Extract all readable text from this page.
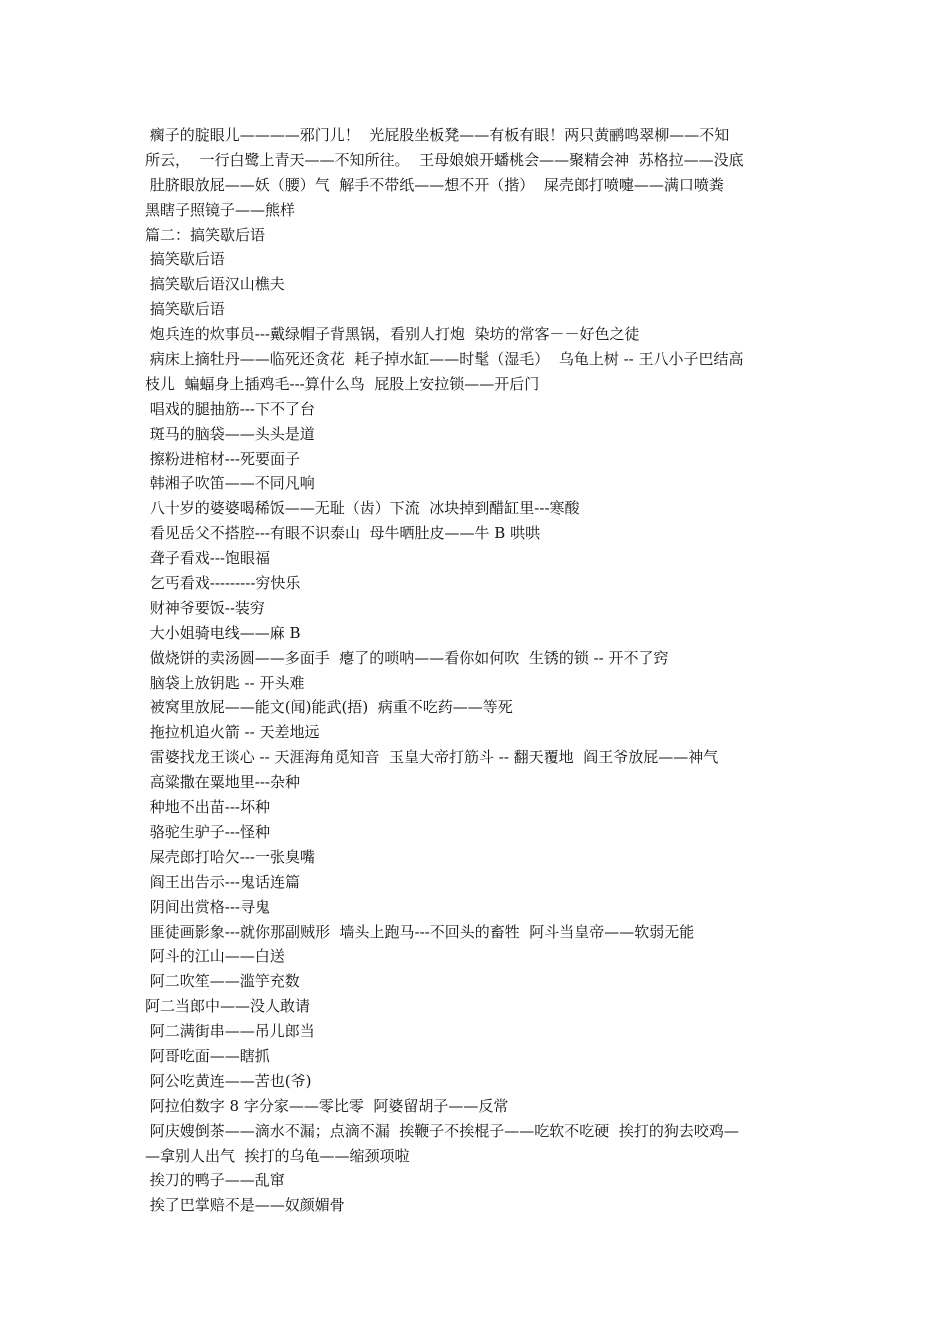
瘸子的腚眼儿————邪门儿！  光屁股坐板凳——有板有眼！两只黄鹂鸣翠柳——不知
所云，  一行白鹭上青天——不知所往。  王母娘娘开蟠桃会——聚精会神  苏格拉——没底
肚脐眼放屁——妖（腰）气  解手不带纸——想不开（揩）  屎壳郎打喷嚏——满口喷粪
黑瞎子照镜子——熊样
篇二：搞笑歇后语
搞笑歇后语
搞笑歇后语汉山樵夫
搞笑歇后语
炮兵连的炊事员---戴绿帽子背黑锅，看别人打炮  染坊的常客－－好色之徒
病床上摘牡丹——临死还贪花  耗子掉水缸——时髦（湿毛）  乌龟上树 -- 王八小子巴结高
枝儿  蝙蝠身上插鸡毛---算什么鸟  屁股上安拉锁——开后门
唱戏的腿抽筋---下不了台
斑马的脑袋——头头是道
擦粉进棺材---死要面子
韩湘子吹笛——不同凡响
八十岁的婆婆喝稀饭——无耻（齿）下流  冰块掉到醋缸里---寒酸
看见岳父不搭腔---有眼不识泰山  母牛晒肚皮——牛 B 哄哄
聋子看戏---饱眼福
乞丐看戏---------穷快乐
财神爷要饭--装穷
大小姐骑电线——麻 B
做烧饼的卖汤圆——多面手  瘪了的唢呐——看你如何吹  生锈的锁 -- 开不了窍
脑袋上放钥匙 -- 开头难
被窝里放屁——能文(闻)能武(捂)  病重不吃药——等死
拖拉机追火箭 -- 天差地远
雷婆找龙王谈心 -- 天涯海角觅知音  玉皇大帝打筋斗 -- 翻天覆地  阎王爷放屁——神气
高粱撒在粟地里---杂种
种地不出苗---坏种
骆驼生驴子---怪种
屎壳郎打哈欠---一张臭嘴
阎王出告示---鬼话连篇
阴间出赏格---寻鬼
匪徒画影象---就你那副贼形  墙头上跑马---不回头的畜牲  阿斗当皇帝——软弱无能
阿斗的江山——白送
阿二吹笙——滥竽充数
阿二当郎中——没人敢请
阿二满街串——吊儿郎当
阿哥吃面——瞎抓
阿公吃黄连——苦也(爷)
阿拉伯数字 8 字分家——零比零  阿婆留胡子——反常
阿庆嫂倒茶——滴水不漏；点滴不漏  挨鞭子不挨棍子——吃软不吃硬  挨打的狗去咬鸡—
—拿别人出气  挨打的乌龟——缩颈项啦
挨刀的鸭子——乱窜
挨了巴掌赔不是——奴颜媚骨
